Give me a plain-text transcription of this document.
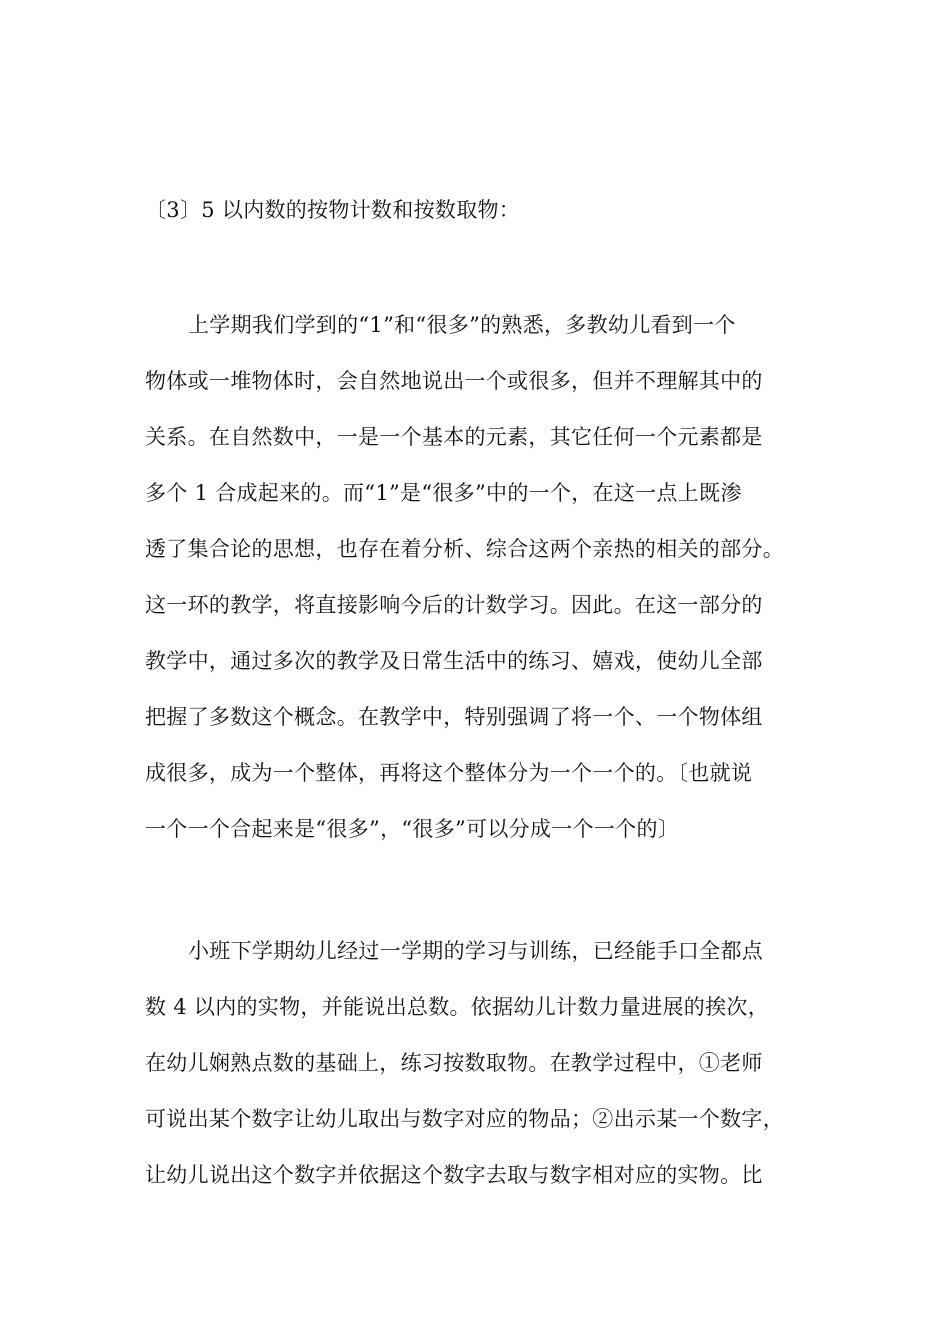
〔3〕5 以内数的按物计数和按数取物：
上学期我们学到的“1”和“很多”的熟悉，多教幼儿看到一个
物体或一堆物体时，会自然地说出一个或很多，但并不理解其中的
关系。在自然数中，一是一个基本的元素，其它任何一个元素都是
多个 1 合成起来的。而“1”是“很多”中的一个，在这一点上既渗
透了集合论的思想，也存在着分析、综合这两个亲热的相关的部分。
这一环的教学，将直接影响今后的计数学习。因此。在这一部分的
教学中，通过多次的教学及日常生活中的练习、嬉戏，使幼儿全部
把握了多数这个概念。在教学中，特别强调了将一个、一个物体组
成很多，成为一个整体，再将这个整体分为一个一个的。〔也就说
一个一个合起来是“很多”，“很多”可以分成一个一个的〕
小班下学期幼儿经过一学期的学习与训练，已经能手口全都点
数 4 以内的实物，并能说出总数。依据幼儿计数力量进展的挨次，
在幼儿娴熟点数的基础上，练习按数取物。在教学过程中，①老师
可说出某个数字让幼儿取出与数字对应的物品；②出示某一个数字，
让幼儿说出这个数字并依据这个数字去取与数字相对应的实物。比
